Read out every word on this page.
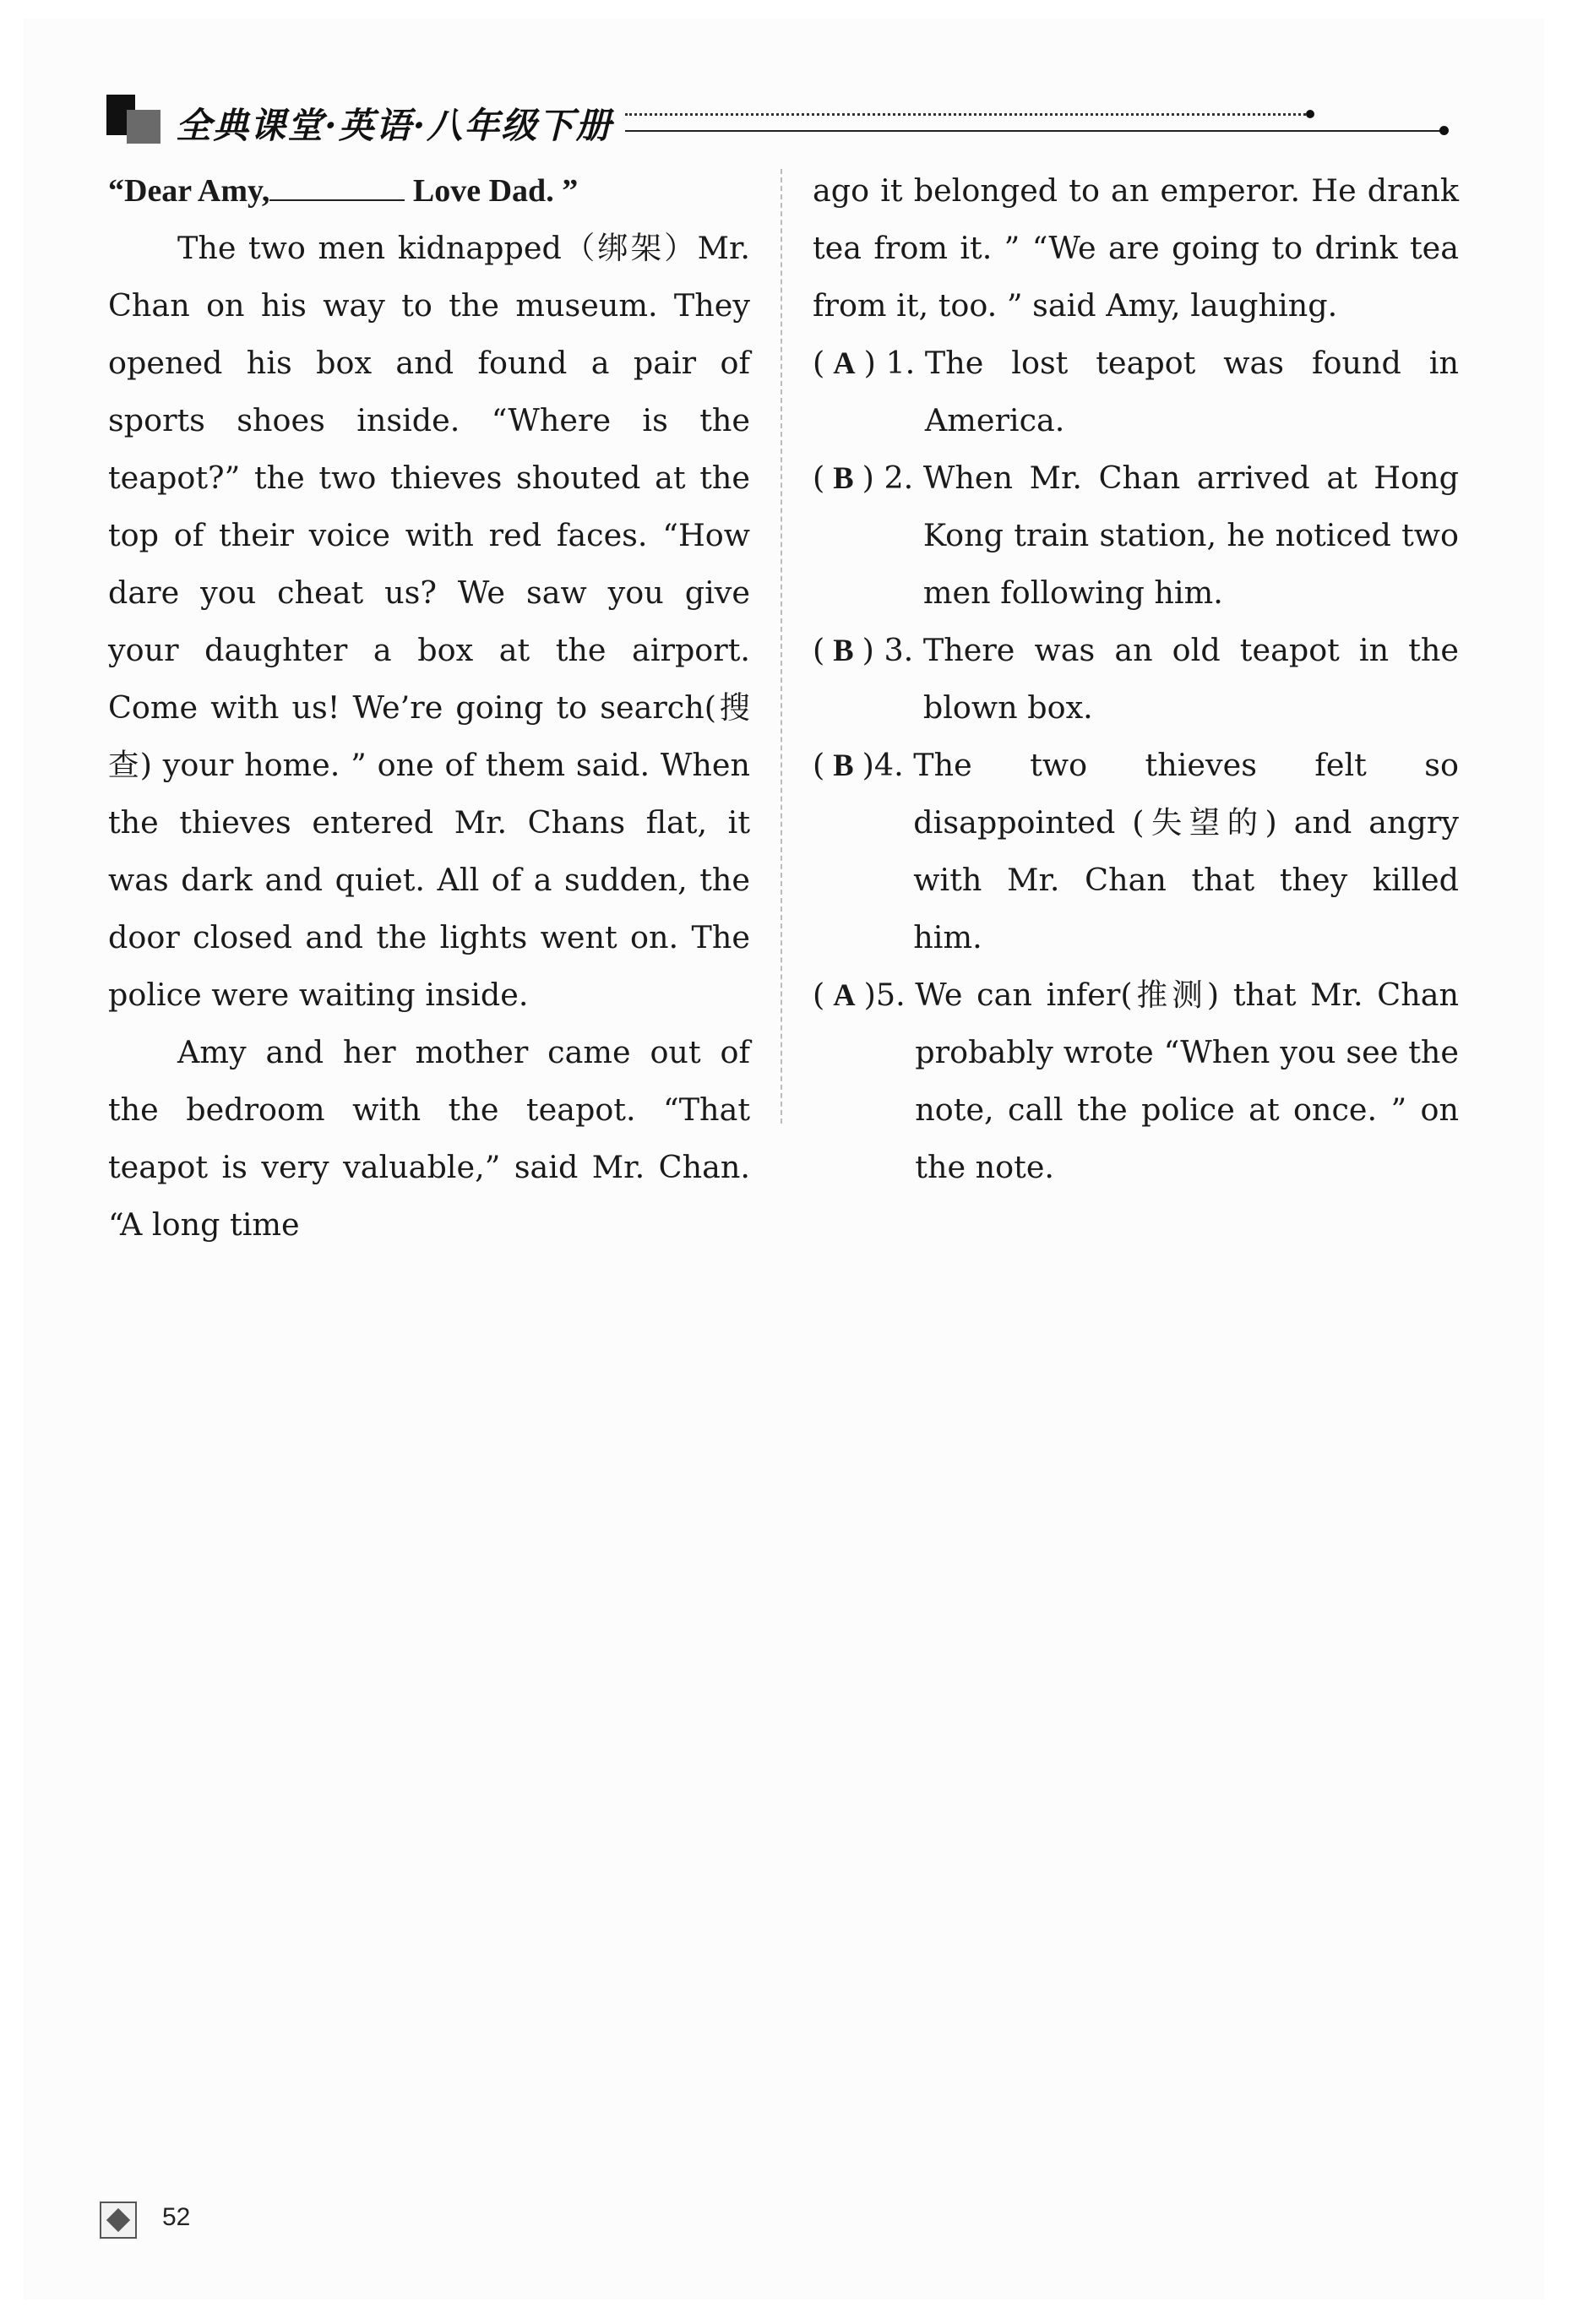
全典课堂·英语·八年级下册

“Dear Amy,	Love Dad. ”

The two men kidnapped（绑架）Mr. Chan on his way to the museum. They opened his box and found a pair of sports shoes inside. “Where is the teapot?” the two thieves shouted at the top of their voice with red faces. “How dare you cheat us? We saw you give your daughter a box at the airport. Come with us! We’re going to search(搜查) your home. ” one of them said. When the thieves entered Mr. Chans flat, it was dark and quiet. All of a sudden, the door closed and the lights went on. The police were waiting inside.

Amy and her mother came out of the bedroom with the teapot. “That teapot is very valuable,” said Mr. Chan. “A long time

ago it belonged to an emperor. He drank tea from it. ” “We are going to drink tea from it, too. ” said Amy, laughing.

( A ) 1. The lost teapot was found in America.
( B ) 2. When Mr. Chan arrived at Hong Kong train station, he noticed two men following him.
( B ) 3. There was an old teapot in the blown box.
( B )4. The two thieves felt so disappointed (失望的) and angry with Mr. Chan that they killed him.
( A )5. We can infer(推测) that Mr. Chan probably wrote “When you see the note, call the police at once. ” on the note.
52
